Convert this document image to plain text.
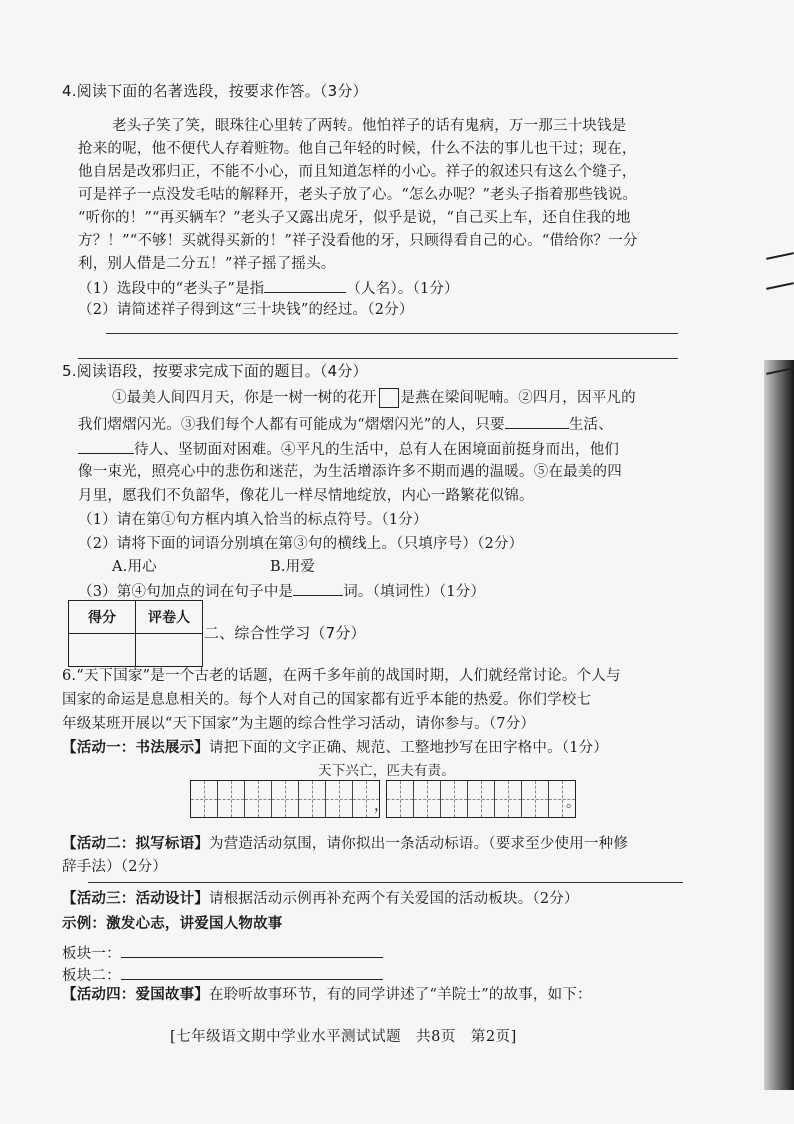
4.阅读下面的名著选段，按要求作答。（3分）
老头子笑了笑，眼珠往心里转了两转。他怕祥子的话有鬼病，万一那三十块钱是
抢来的呢，他不便代人存着赃物。他自己年轻的时候，什么不法的事儿也干过；现在，
他自居是改邪归正，不能不小心，而且知道怎样的小心。祥子的叙述只有这么个缝子，
可是祥子一点没发毛咕的解释开，老头子放了心。“怎么办呢？”老头子指着那些钱说。
“听你的！”“再买辆车？”老头子又露出虎牙，似乎是说，“自己买上车，还自住我的地
方？！”“不够！买就得买新的！”祥子没看他的牙，只顾得看自己的心。“借给你？一分
利，别人借是二分五！”祥子摇了摇头。
（1）选段中的“老头子”是指	（人名）。（1分）
（2）请简述祥子得到这“三十块钱”的经过。（2分）
5.阅读语段，按要求完成下面的题目。（4分）
①最美人间四月天，你是一树一树的花开 是燕在梁间呢喃。②四月，因平凡的
我们熠熠闪光。③我们每个人都有可能成为“熠熠闪光”的人，只要	生活、
待人、坚韧面对困难。④平凡的生活中，总有人在困境面前挺身而出，他们
像一束光，照亮心中的悲伤和迷茫，为生活增添许多不期而遇的温暖。⑤在最美的四
月里，愿我们不负韶华，像花儿一样尽情地绽放，内心一路繁花似锦。
（1）请在第①句方框内填入恰当的标点符号。（1分）
（2）请将下面的词语分别填在第③句的横线上。（只填序号）（2分）
A.用心	B.用爱
（3）第④句加点的词在句子中是	词。（填词性）（1分）
得分	评卷人

二、综合性学习（7分）
6.“天下国家”是一个古老的话题，在两千多年前的战国时期，人们就经常讨论。个人与
国家的命运是息息相关的。每个人对自己的国家都有近乎本能的热爱。你们学校七
年级某班开展以“天下国家”为主题的综合性学习活动，请你参与。（7分）
【活动一：书法展示】请把下面的文字正确、规范、工整地抄写在田字格中。（1分）
天下兴亡，匹夫有责。
，	。
【活动二：拟写标语】为营造活动氛围，请你拟出一条活动标语。（要求至少使用一种修
辞手法）（2分）
【活动三：活动设计】请根据活动示例再补充两个有关爱国的活动板块。（2分）
示例：激发心志，讲爱国人物故事
板块一：
板块二：
【活动四：爱国故事】在聆听故事环节，有的同学讲述了“羊院士”的故事，如下：
[七年级语文期中学业水平测试试题　共8页　第2页]
